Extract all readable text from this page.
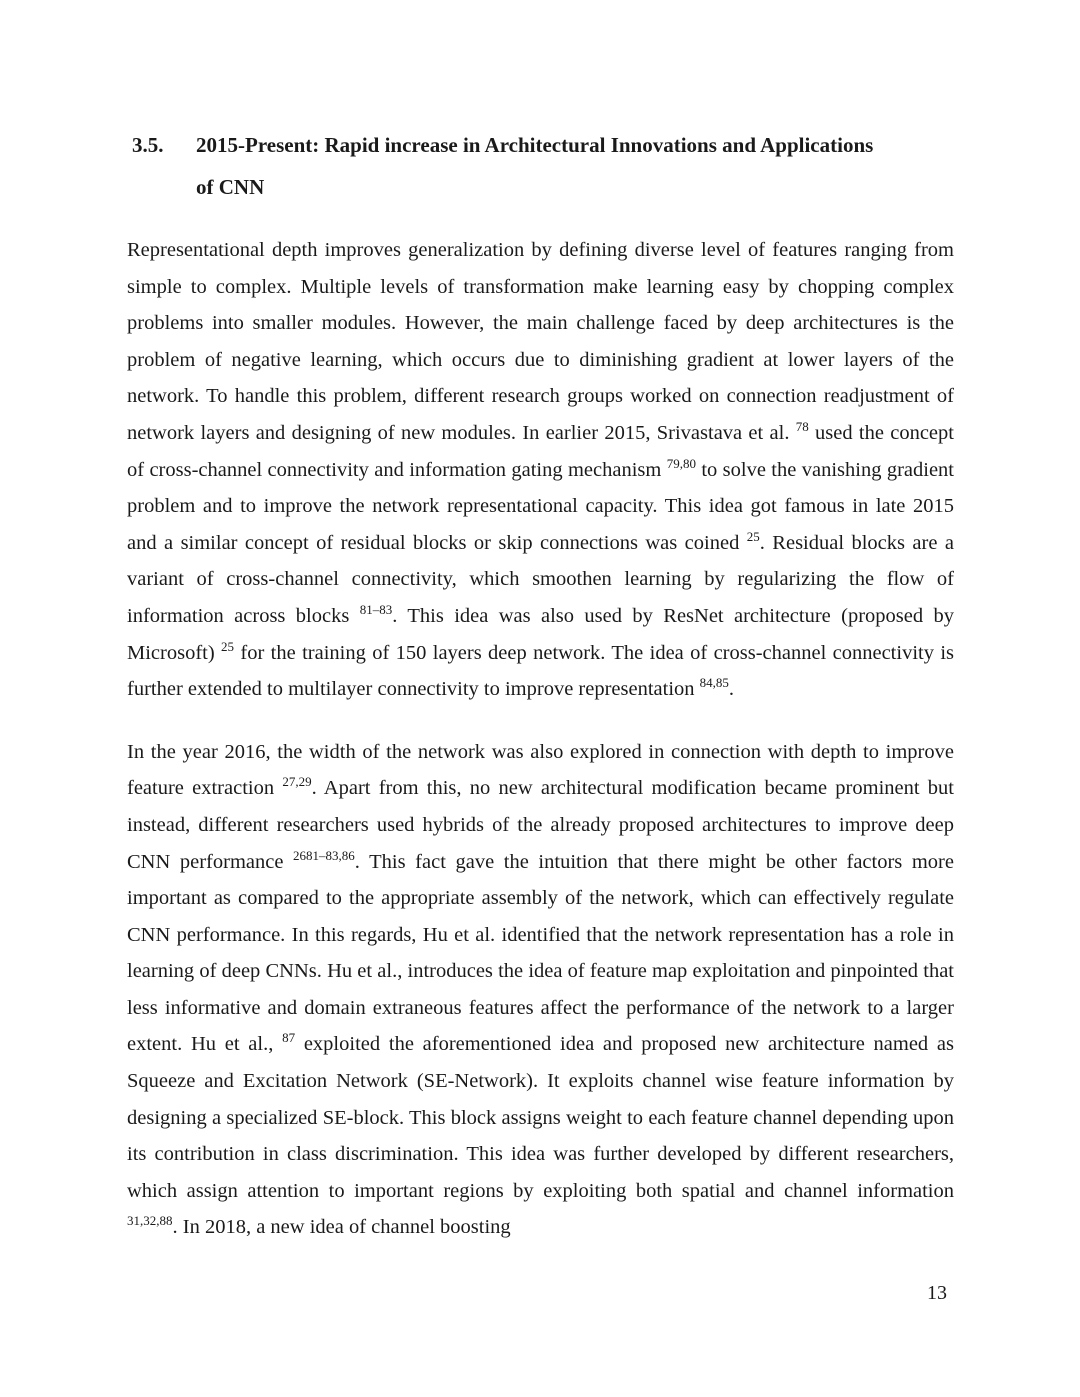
3.5.	2015-Present: Rapid increase in Architectural Innovations and Applications
of CNN

Representational depth improves generalization by defining diverse level of features ranging from simple to complex. Multiple levels of transformation make learning easy by chopping complex problems into smaller modules. However, the main challenge faced by deep architectures is the problem of negative learning, which occurs due to diminishing gradient at lower layers of the network. To handle this problem, different research groups worked on connection readjustment of network layers and designing of new modules. In earlier 2015, Srivastava et al. $^{78}$ used the concept of cross-channel connectivity and information gating mechanism $^{79,80}$ to solve the vanishing gradient problem and to improve the network representational capacity. This idea got famous in late 2015 and a similar concept of residual blocks or skip connections was coined $^{25}$. Residual blocks are a variant of cross-channel connectivity, which smoothen learning by regularizing the flow of information across blocks $^{81-83}$. This idea was also used by ResNet architecture (proposed by Microsoft) $^{25}$ for the training of 150 layers deep network. The idea of cross-channel connectivity is further extended to multilayer connectivity to improve representation $^{84,85}$.

In the year 2016, the width of the network was also explored in connection with depth to improve feature extraction $^{27,29}$. Apart from this, no new architectural modification became prominent but instead, different researchers used hybrids of the already proposed architectures to improve deep CNN performance $^{2681-83,86}$. This fact gave the intuition that there might be other factors more important as compared to the appropriate assembly of the network, which can effectively regulate CNN performance. In this regards, Hu et al. identified that the network representation has a role in learning of deep CNNs. Hu et al., introduces the idea of feature map exploitation and pinpointed that less informative and domain extraneous features affect the performance of the network to a larger extent. Hu et al., $^{87}$ exploited the aforementioned idea and proposed new architecture named as Squeeze and Excitation Network (SE-Network). It exploits channel wise feature information by designing a specialized SE-block. This block assigns weight to each feature channel depending upon its contribution in class discrimination. This idea was further developed by different researchers, which assign attention to important regions by exploiting both spatial and channel information $^{31,32,88}$. In 2018, a new idea of channel boosting

13
